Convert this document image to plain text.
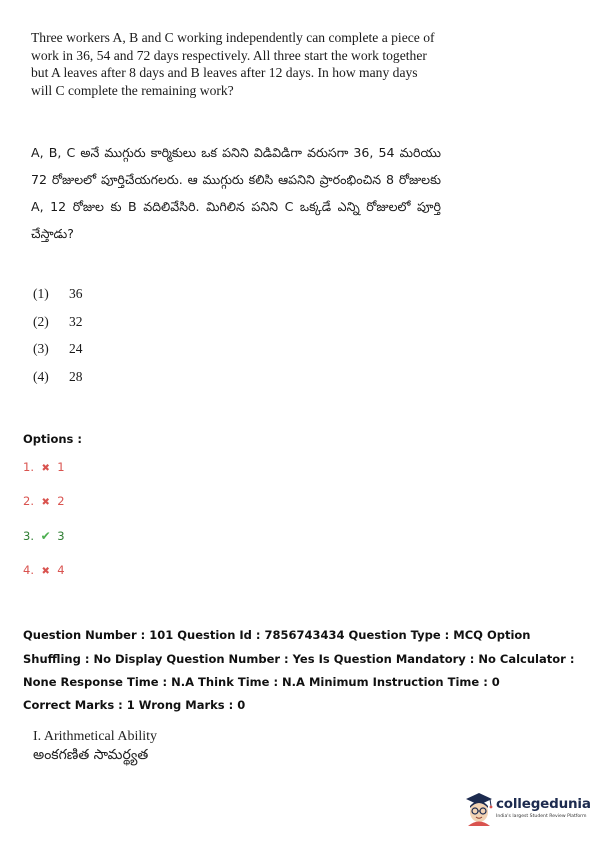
Three workers A, B and C working independently can complete a piece of work in 36, 54 and 72 days respectively. All three start the work together but A leaves after 8 days and B leaves after 12 days. In how many days will C complete the remaining work?
A, B, C అనే ముగ్గురు కార్మికులు ఒక పనిని విడివిడిగా వరుసగా 36, 54 మరియు 72 రోజులలో పూర్తిచేయగలరు. ఆ ముగ్గురు కలిసి ఆపనిని ప్రారంభించిన 8 రోజులకు A, 12 రోజుల కు B వదిలివేసిరి. మిగిలిన పనిని C ఒక్కడే ఎన్ని రోజులలో పూర్తి చేస్తాడు?
(1)	36
(2)	32
(3)	24
(4)	28
Options :
1. ✖ 1
2. ✖ 2
3. ✔ 3
4. ✖ 4
Question Number : 101 Question Id : 7856743434 Question Type : MCQ Option Shuffling : No Display Question Number : Yes Is Question Mandatory : No Calculator : None Response Time : N.A Think Time : N.A Minimum Instruction Time : 0
Correct Marks : 1 Wrong Marks : 0
I. Arithmetical Ability
అంకగణిత సామర్థ్యత
collegedunia
India's largest Student Review Platform
